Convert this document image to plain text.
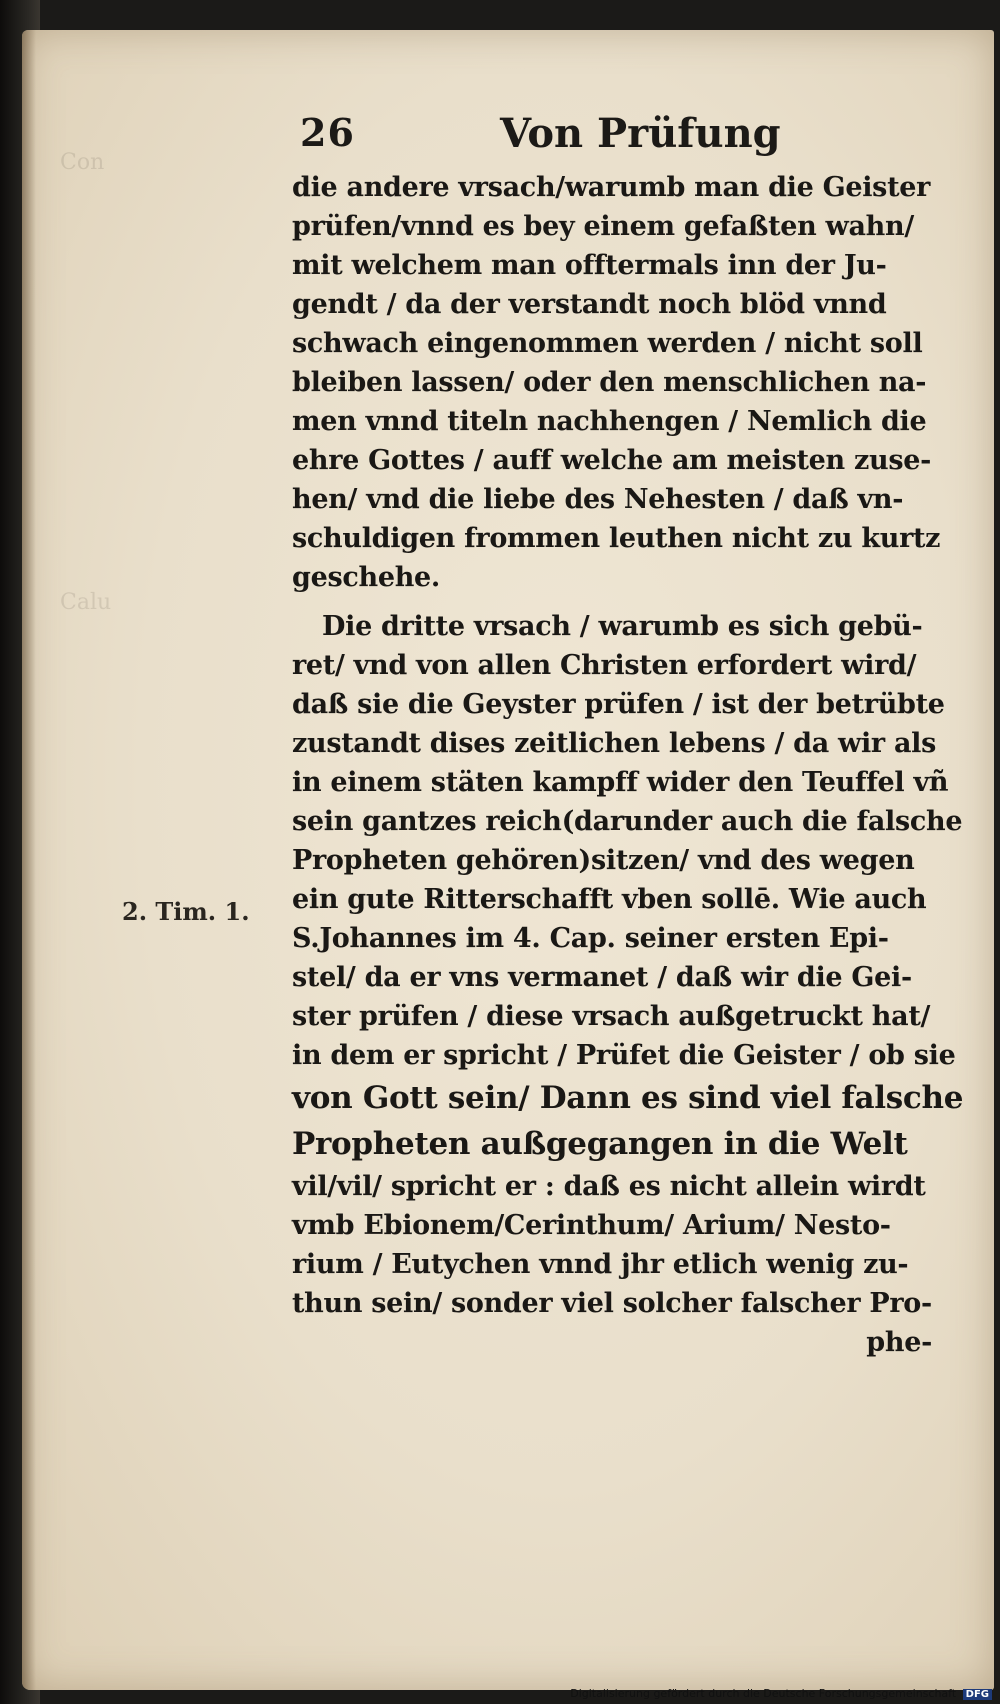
Con
Calu
26	Von Prüfung
2. Tim. 1.
die andere vrsach/warumb man die Geister
prüfen/vnnd es bey einem gefaßten wahn/
mit welchem man offtermals inn der Ju-
gendt / da der verstandt noch blöd vnnd
schwach eingenommen werden / nicht soll
bleiben lassen/ oder den menschlichen na-
men vnnd titeln nachhengen / Nemlich die
ehre Gottes / auff welche am meisten zuse-
hen/ vnd die liebe des Nehesten / daß vn-
schuldigen frommen leuthen nicht zu kurtz
geschehe.
Die dritte vrsach / warumb es sich gebü-
ret/ vnd von allen Christen erfordert wird/
daß sie die Geyster prüfen / ist der betrübte
zustandt dises zeitlichen lebens / da wir als
in einem stäten kampff wider den Teuffel vñ
sein gantzes reich(darunder auch die falsche
Propheten gehören)sitzen/ vnd des wegen
ein gute Ritterschafft vben sollē. Wie auch
S.Johannes im 4. Cap. seiner ersten Epi-
stel/ da er vns vermanet / daß wir die Gei-
ster prüfen / diese vrsach außgetruckt hat/
in dem er spricht / Prüfet die Geister / ob sie
von Gott sein/ Dann es sind viel falsche
Propheten außgegangen in die Welt
vil/vil/ spricht er : daß es nicht allein wirdt
vmb Ebionem/Cerinthum/ Arium/ Nesto-
rium / Eutychen vnnd jhr etlich wenig zu-
thun sein/ sonder viel solcher falscher Pro-
phe-
Digitalisierung gefördert durch die Deutsche Forschungsgemeinschaft DFG
